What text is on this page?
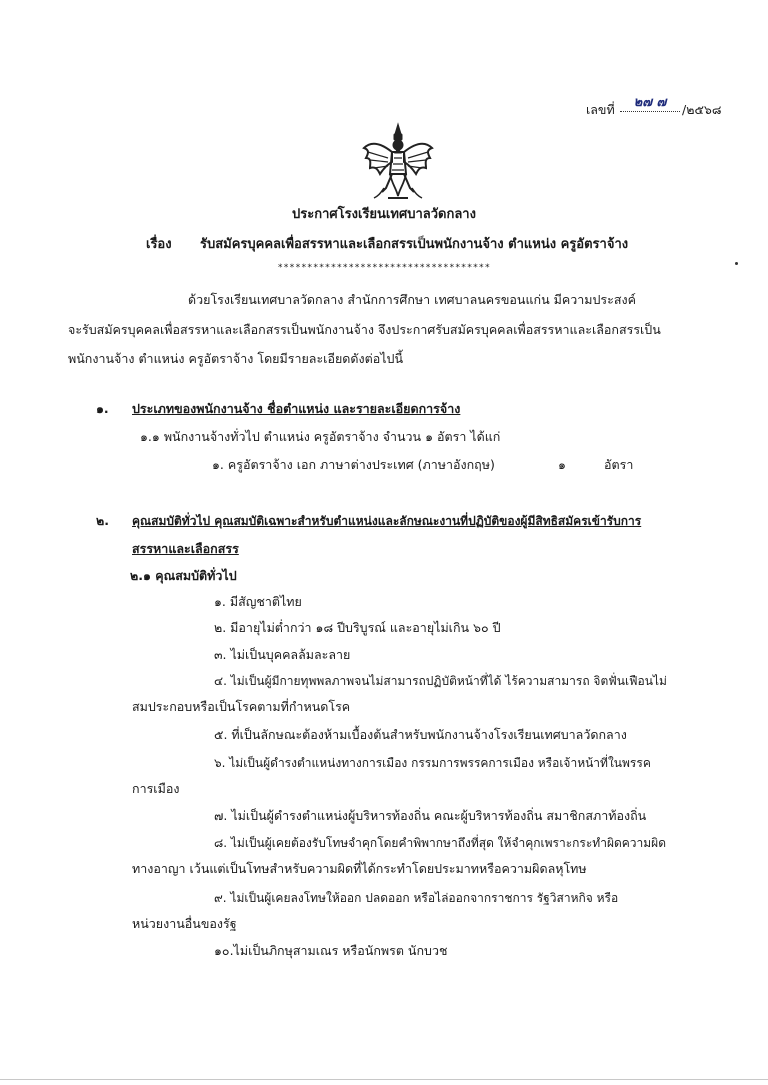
เลขที่	๒๗ ๗	/๒๕๖๘
ประกาศโรงเรียนเทศบาลวัดกลาง
เรื่อง รับสมัครบุคคลเพื่อสรรหาและเลือกสรรเป็นพนักงานจ้าง ตำแหน่ง ครูอัตราจ้าง
************************************
ด้วยโรงเรียนเทศบาลวัดกลาง สำนักการศึกษา เทศบาลนครขอนแก่น มีความประสงค์
จะรับสมัครบุคคลเพื่อสรรหาและเลือกสรรเป็นพนักงานจ้าง จึงประกาศรับสมัครบุคคลเพื่อสรรหาและเลือกสรรเป็น
พนักงานจ้าง ตำแหน่ง ครูอัตราจ้าง โดยมีรายละเอียดดังต่อไปนี้
๑. ประเภทของพนักงานจ้าง ชื่อตำแหน่ง และรายละเอียดการจ้าง
๑.๑ พนักงานจ้างทั่วไป ตำแหน่ง ครูอัตราจ้าง จำนวน ๑ อัตรา ได้แก่
๑. ครูอัตราจ้าง เอก ภาษาต่างประเทศ (ภาษาอังกฤษ)	๑	อัตรา
๒. คุณสมบัติทั่วไป คุณสมบัติเฉพาะสำหรับตำแหน่งและลักษณะงานที่ปฏิบัติของผู้มีสิทธิสมัครเข้ารับการ
สรรหาและเลือกสรร
๒.๑ คุณสมบัติทั่วไป
๑. มีสัญชาติไทย
๒. มีอายุไม่ต่ำกว่า ๑๘ ปีบริบูรณ์ และอายุไม่เกิน ๖๐ ปี
๓. ไม่เป็นบุคคลล้มละลาย
๔. ไม่เป็นผู้มีกายทุพพลภาพจนไม่สามารถปฏิบัติหน้าที่ได้ ไร้ความสามารถ จิตฟั่นเฟือนไม่
สมประกอบหรือเป็นโรคตามที่กำหนดโรค
๕. ที่เป็นลักษณะต้องห้ามเบื้องต้นสำหรับพนักงานจ้างโรงเรียนเทศบาลวัดกลาง
๖. ไม่เป็นผู้ดำรงตำแหน่งทางการเมือง กรรมการพรรคการเมือง หรือเจ้าหน้าที่ในพรรค
การเมือง
๗. ไม่เป็นผู้ดำรงตำแหน่งผู้บริหารท้องถิ่น คณะผู้บริหารท้องถิ่น สมาชิกสภาท้องถิ่น
๘. ไม่เป็นผู้เคยต้องรับโทษจำคุกโดยคำพิพากษาถึงที่สุด ให้จำคุกเพราะกระทำผิดความผิด
ทางอาญา เว้นแต่เป็นโทษสำหรับความผิดที่ได้กระทำโดยประมาทหรือความผิดลหุโทษ
๙. ไม่เป็นผู้เคยลงโทษให้ออก ปลดออก หรือไล่ออกจากราชการ รัฐวิสาหกิจ หรือ
หน่วยงานอื่นของรัฐ
๑๐.ไม่เป็นภิกษุสามเณร หรือนักพรต นักบวช
